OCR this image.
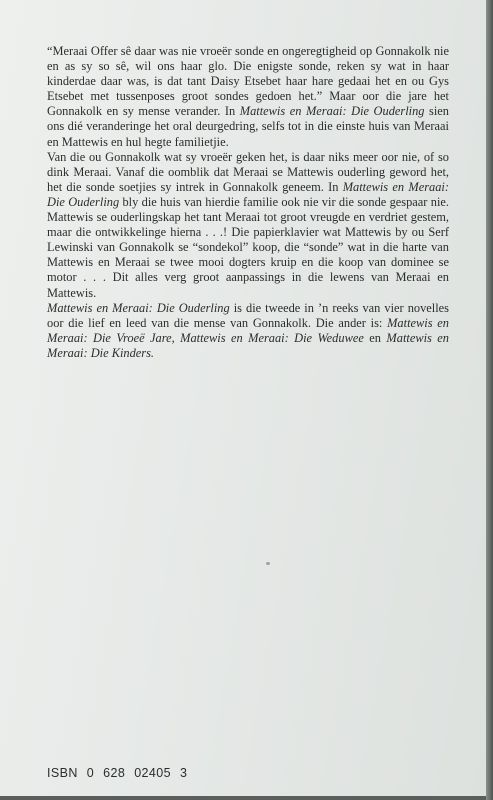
“Meraai Offer sê daar was nie vroeër sonde en ongeregtigheid op Gonnakolk nie en as sy so sê, wil ons haar glo. Die enigste sonde, reken sy wat in haar kinderdae daar was, is dat tant Daisy Etsebet haar hare gedaai het en ou Gys Etsebet met tussenposes groot sondes gedoen het.” Maar oor die jare het Gonnakolk en sy mense verander. In Mattewis en Meraai: Die Ouderling sien ons dié veranderinge het oral deurgedring, selfs tot in die einste huis van Meraai en Mattewis en hul hegte familietjie.

Van die ou Gonnakolk wat sy vroeër geken het, is daar niks meer oor nie, of so dink Meraai. Vanaf die oomblik dat Meraai se Mattewis ouderling geword het, het die sonde soetjies sy intrek in Gonnakolk geneem. In Mattewis en Meraai: Die Ouderling bly die huis van hierdie familie ook nie vir die sonde gespaar nie. Mattewis se ouderlingskap het tant Meraai tot groot vreugde en verdriet gestem, maar die ontwikkelinge hierna . . .! Die papierklavier wat Mattewis by ou Serf Lewinski van Gonnakolk se “sondekol” koop, die “sonde” wat in die harte van Mattewis en Meraai se twee mooi dogters kruip en die koop van dominee se motor . . . Dit alles verg groot aanpassings in die lewens van Meraai en Mattewis.

Mattewis en Meraai: Die Ouderling is die tweede in ’n reeks van vier novelles oor die lief en leed van die mense van Gonnakolk. Die ander is: Mattewis en Meraai: Die Vroeë Jare, Mattewis en Meraai: Die Weduwee en Mattewis en Meraai: Die Kinders.

ISBN 0 628 02405 3
